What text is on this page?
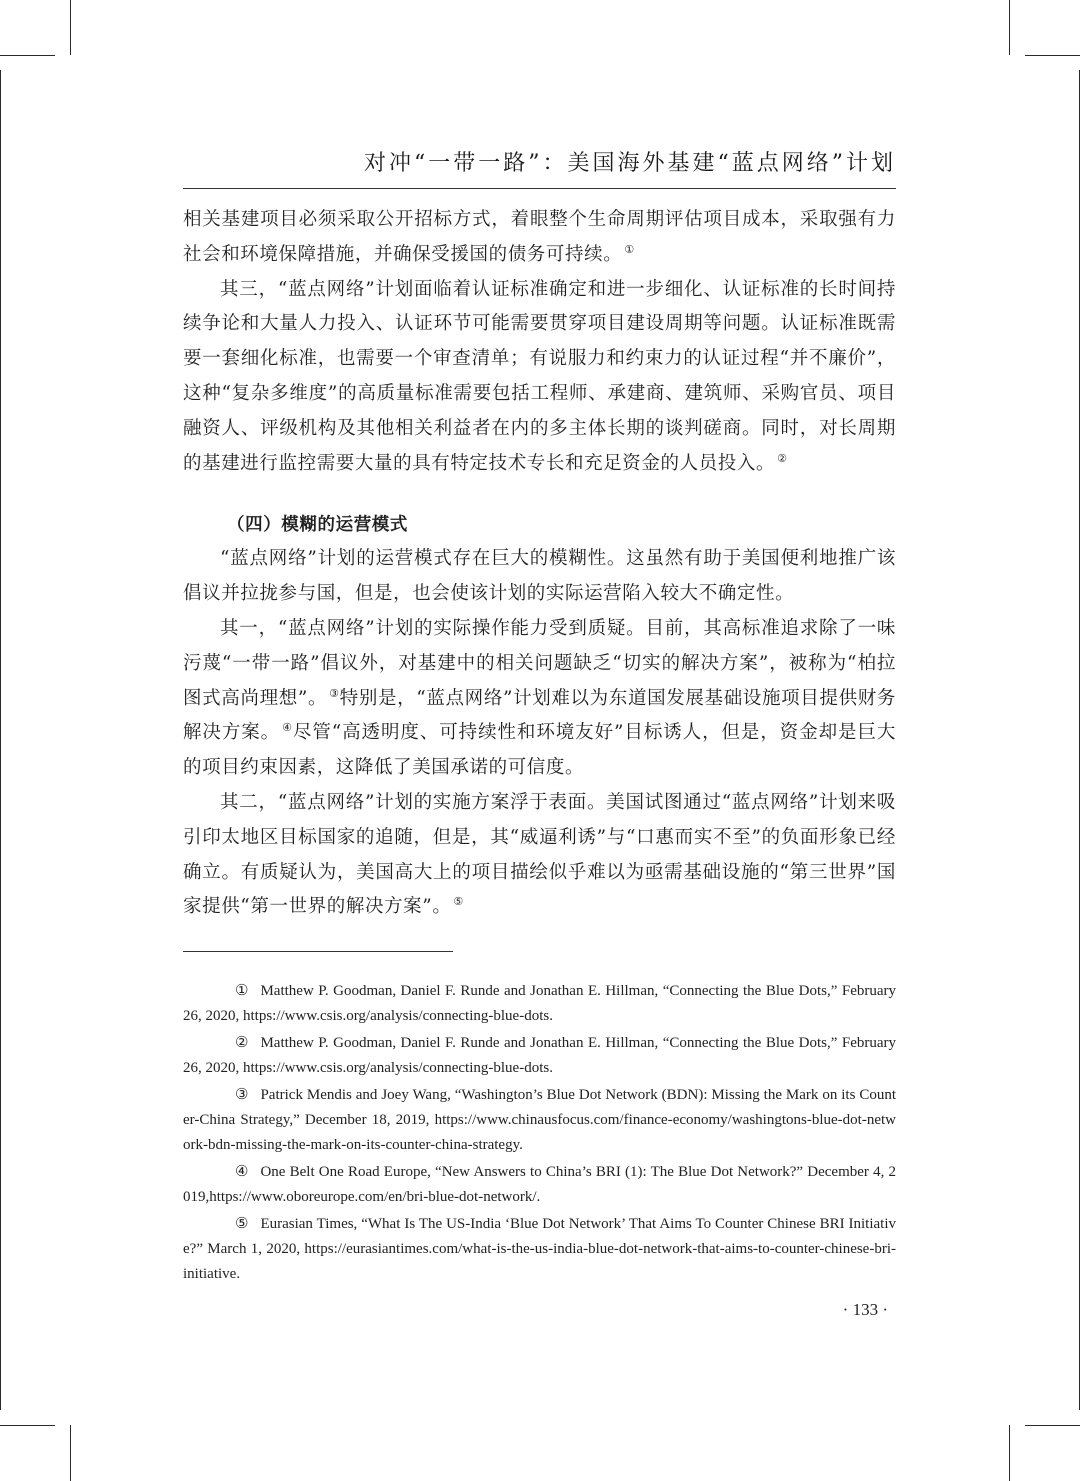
对冲“一带一路”：美国海外基建“蓝点网络”计划

相关基建项目必须采取公开招标方式，着眼整个生命周期评估项目成本，采取强有力社会和环境保障措施，并确保受援国的债务可持续。 ①

其三，“蓝点网络”计划面临着认证标准确定和进一步细化、认证标准的长时间持续争论和大量人力投入、认证环节可能需要贯穿项目建设周期等问题。认证标准既需要一套细化标准，也需要一个审查清单；有说服力和约束力的认证过程“并不廉价”，这种“复杂多维度”的高质量标准需要包括工程师、承建商、建筑师、采购官员、项目融资人、评级机构及其他相关利益者在内的多主体长期的谈判磋商。同时，对长周期的基建进行监控需要大量的具有特定技术专长和充足资金的人员投入。 ②

（四）模糊的运营模式

“蓝点网络”计划的运营模式存在巨大的模糊性。这虽然有助于美国便利地推广该倡议并拉拢参与国，但是，也会使该计划的实际运营陷入较大不确定性。

其一，“蓝点网络”计划的实际操作能力受到质疑。目前，其高标准追求除了一味污蔑“一带一路”倡议外，对基建中的相关问题缺乏“切实的解决方案”，被称为“柏拉图式高尚理想”。 ③特别是，“蓝点网络”计划难以为东道国发展基础设施项目提供财务解决方案。 ④尽管“高透明度、可持续性和环境友好”目标诱人，但是，资金却是巨大的项目约束因素，这降低了美国承诺的可信度。

其二，“蓝点网络”计划的实施方案浮于表面。美国试图通过“蓝点网络”计划来吸引印太地区目标国家的追随，但是，其“威逼利诱”与“口惠而实不至”的负面形象已经确立。有质疑认为，美国高大上的项目描绘似乎难以为亟需基础设施的“第三世界”国家提供“第一世界的解决方案”。 ⑤

① Matthew P. Goodman, Daniel F. Runde and Jonathan E. Hillman, “Connecting the Blue Dots,” February 26, 2020, https://www.csis.org/analysis/connecting-blue-dots.

② Matthew P. Goodman, Daniel F. Runde and Jonathan E. Hillman, “Connecting the Blue Dots,” February 26, 2020, https://www.csis.org/analysis/connecting-blue-dots.

③ Patrick Mendis and Joey Wang, “Washington’s Blue Dot Network (BDN): Missing the Mark on its Counter-China Strategy,” December 18, 2019, https://www.chinausfocus.com/finance-economy/washingtons-blue-dot-network-bdn-missing-the-mark-on-its-counter-china-strategy.

④ One Belt One Road Europe, “New Answers to China’s BRI (1): The Blue Dot Network?” December 4, 2019,https://www.oboreurope.com/en/bri-blue-dot-network/.

⑤ Eurasian Times, “What Is The US-India ‘Blue Dot Network’ That Aims To Counter Chinese BRI Initiative?” March 1, 2020, https://eurasiantimes.com/what-is-the-us-india-blue-dot-network-that-aims-to-counter-chinese-bri-initiative.

· 133 ·
